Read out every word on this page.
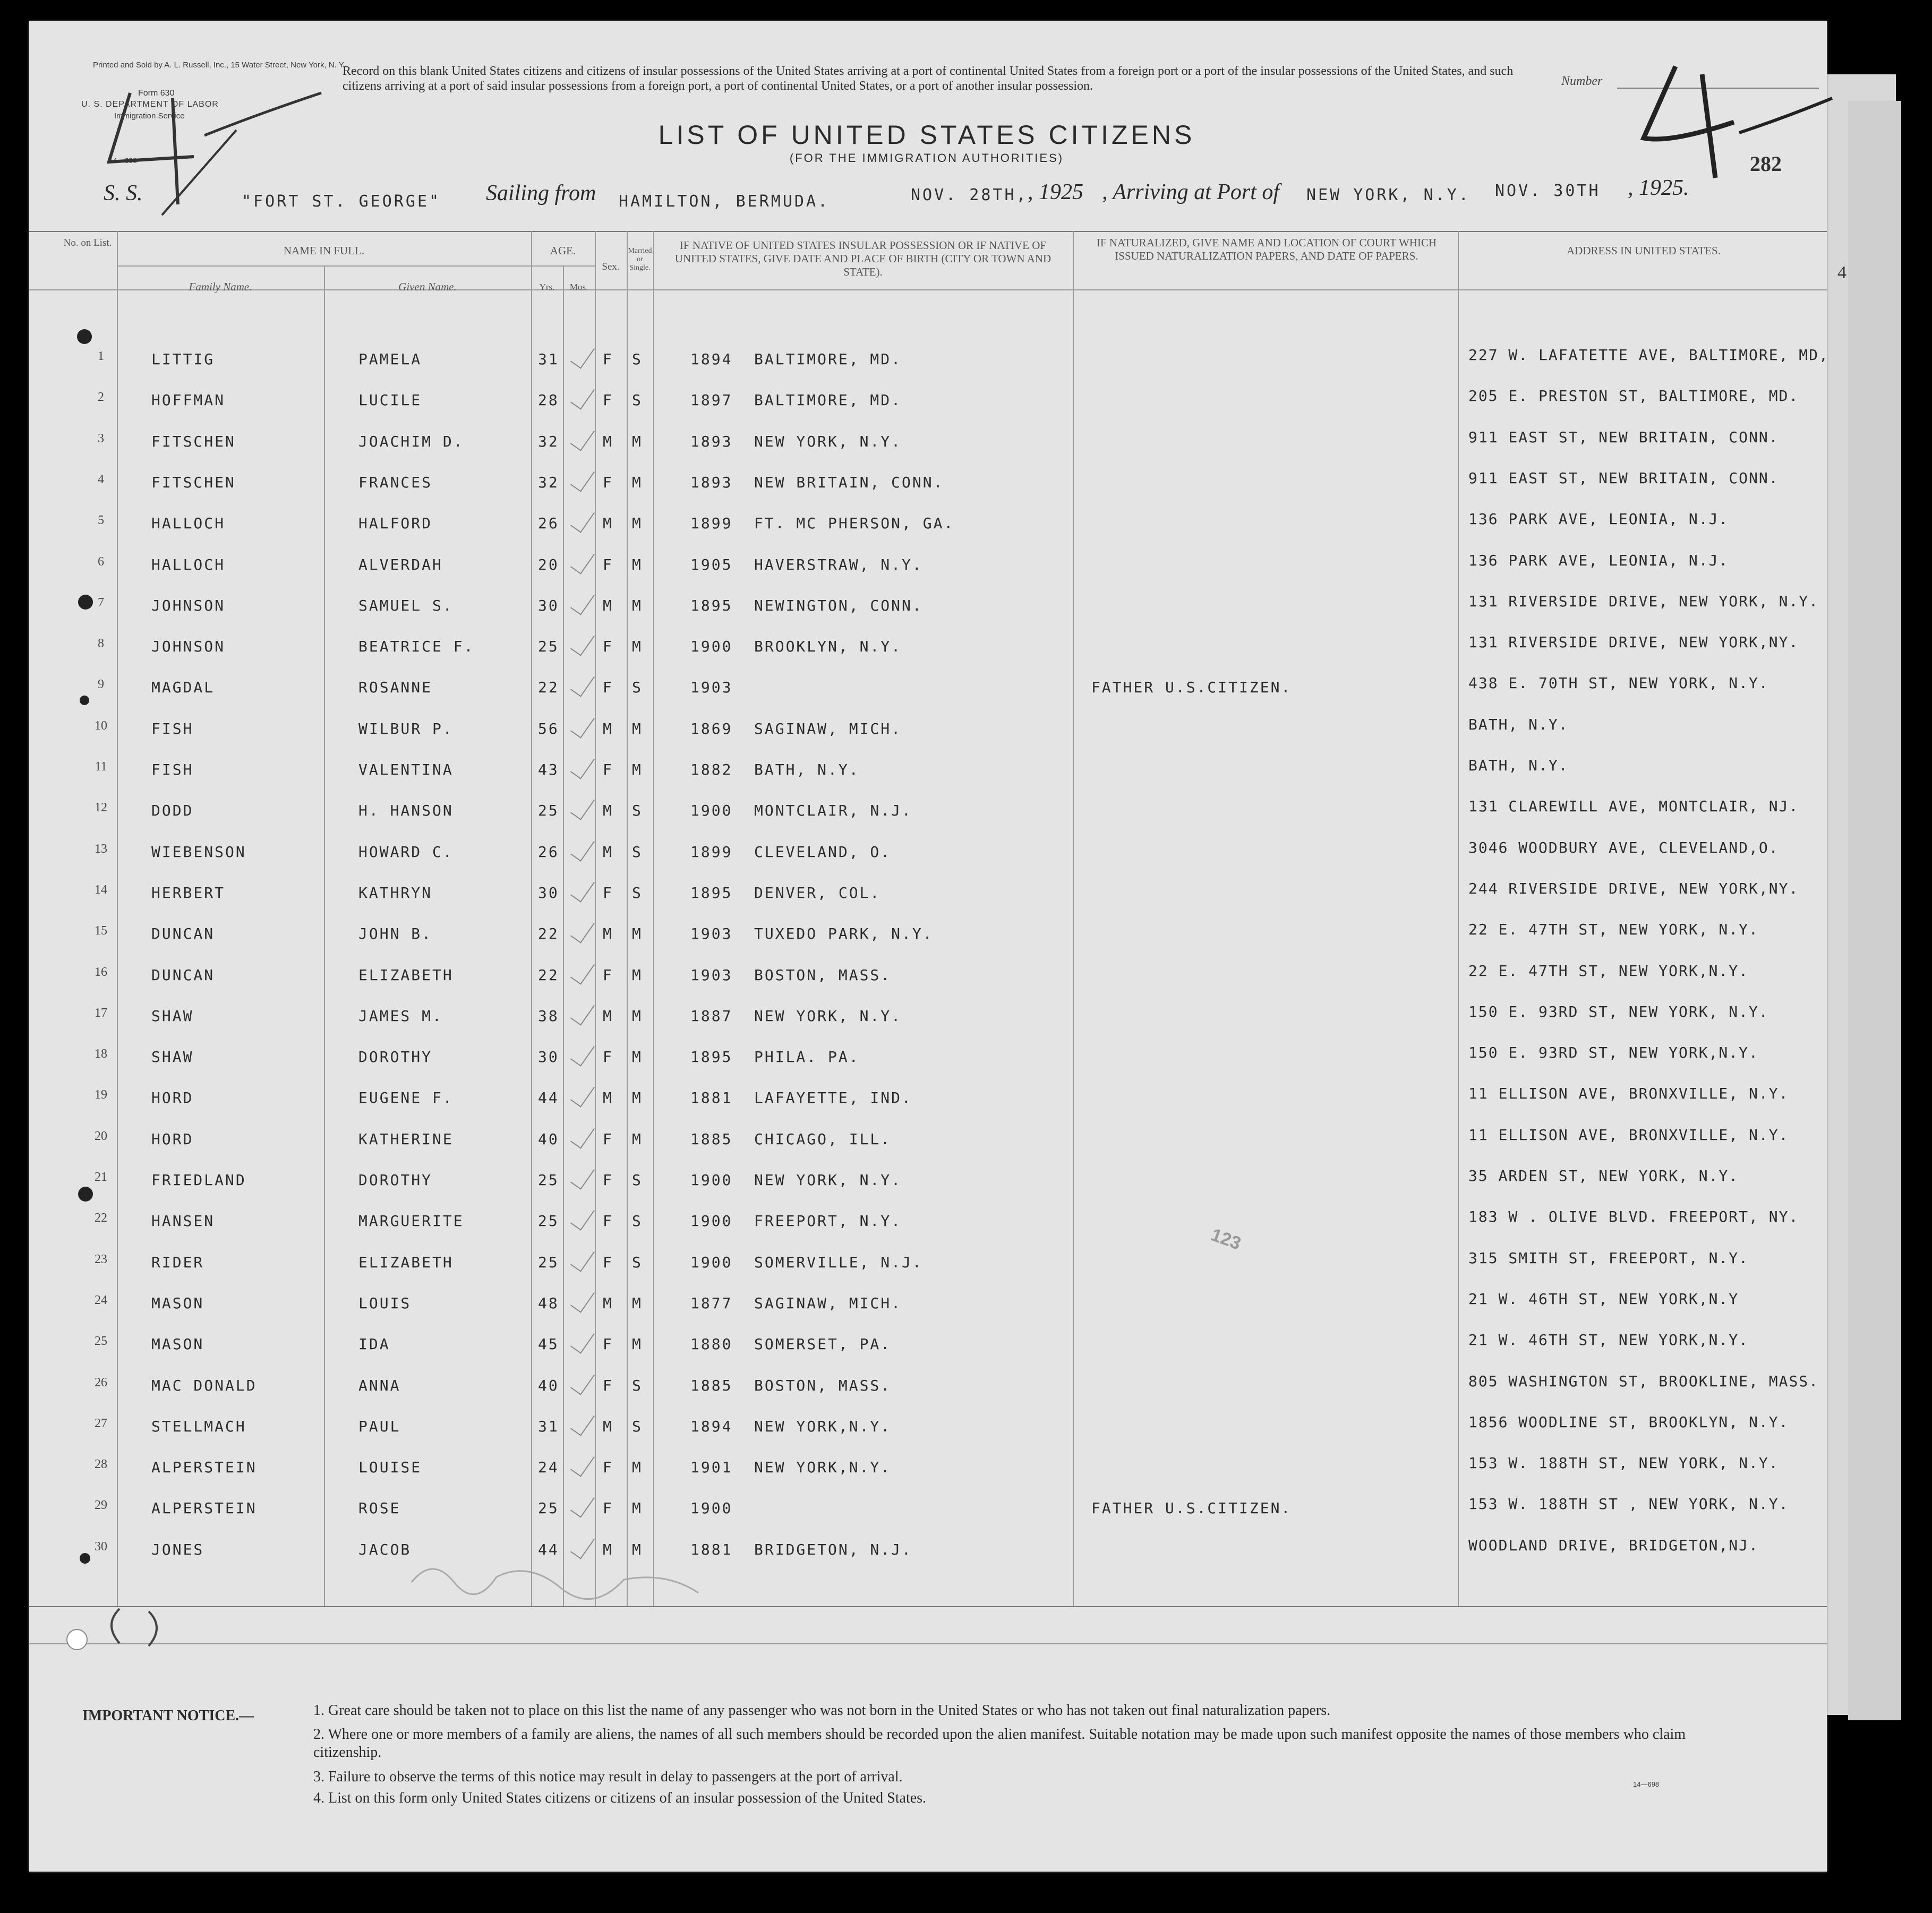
4
Printed and Sold by A. L. Russell, Inc., 15 Water Street, New York, N. Y.
Form 630
U. S. DEPARTMENT OF LABOR
Immigration Service
14—698
Record on this blank United States citizens and citizens of insular possessions of the United States arriving at a port of continental United States from a foreign port or a port of the insular possessions of the United States, and such citizens arriving at a port of said insular possessions from a foreign port, a port of continental United States, or a port of another insular possession.	Number
LIST OF UNITED STATES CITIZENS
(FOR THE IMMIGRATION AUTHORITIES)	282
S. S.	"FORT ST. GEORGE" Sailing from HAMILTON, BERMUDA.	NOV. 28TH, , 1925 , Arriving at Port of NEW YORK, N.Y. NOV. 30TH , 1925.
No. on List.
NAME IN FULL.
Family Name.	Given Name.
AGE.
Yrs.	Mos.
Sex.
Married or Single.
IF NATIVE OF UNITED STATES INSULAR POSSESSION OR IF NATIVE OF UNITED STATES, GIVE DATE AND PLACE OF BIRTH (CITY OR TOWN AND STATE).
IF NATURALIZED, GIVE NAME AND LOCATION OF COURT WHICH ISSUED NATURALIZATION PAPERS, AND DATE OF PAPERS.	ADDRESS IN UNITED STATES.
1	LITTIG	PAMELA	31	F S	1894 BALTIMORE, MD.	227 W. LAFATETTE AVE, BALTIMORE, MD,
2	HOFFMAN	LUCILE	28	F S	1897 BALTIMORE, MD.	205 E. PRESTON ST, BALTIMORE, MD.
3	FITSCHEN	JOACHIM D.	32	M M	1893 NEW YORK, N.Y.	911 EAST ST, NEW BRITAIN, CONN.
4	FITSCHEN	FRANCES	32	F M	1893 NEW BRITAIN, CONN.	911 EAST ST, NEW BRITAIN, CONN.
5	HALLOCH	HALFORD	26	M M	1899 FT. MC PHERSON, GA.	136 PARK AVE, LEONIA, N.J.
6	HALLOCH	ALVERDAH	20	F M	1905 HAVERSTRAW, N.Y.	136 PARK AVE, LEONIA, N.J.
7	JOHNSON	SAMUEL S.	30	M M	1895 NEWINGTON, CONN.	131 RIVERSIDE DRIVE, NEW YORK, N.Y.
8	JOHNSON	BEATRICE F.	25	F M	1900 BROOKLYN, N.Y.	131 RIVERSIDE DRIVE, NEW YORK,NY.
9	MAGDAL	ROSANNE	22	F S	1903	FATHER U.S.CITIZEN.	438 E. 70TH ST, NEW YORK, N.Y.
10	FISH	WILBUR P.	56	M M	1869 SAGINAW, MICH.	BATH, N.Y.
11	FISH	VALENTINA	43	F M	1882 BATH, N.Y.	BATH, N.Y.
12	DODD	H. HANSON	25	M S	1900 MONTCLAIR, N.J.	131 CLAREWILL AVE, MONTCLAIR, NJ.
13	WIEBENSON	HOWARD C.	26	M S	1899 CLEVELAND, O.	3046 WOODBURY AVE, CLEVELAND,O.
14	HERBERT	KATHRYN	30	F S	1895 DENVER, COL.	244 RIVERSIDE DRIVE, NEW YORK,NY.
15	DUNCAN	JOHN B.	22	M M	1903 TUXEDO PARK, N.Y.	22 E. 47TH ST, NEW YORK, N.Y.
16	DUNCAN	ELIZABETH	22	F M	1903 BOSTON, MASS.	22 E. 47TH ST, NEW YORK,N.Y.
17	SHAW	JAMES M.	38	M M	1887 NEW YORK, N.Y.	150 E. 93RD ST, NEW YORK, N.Y.
18	SHAW	DOROTHY	30	F M	1895 PHILA. PA.	150 E. 93RD ST, NEW YORK,N.Y.
19	HORD	EUGENE F.	44	M M	1881 LAFAYETTE, IND.	11 ELLISON AVE, BRONXVILLE, N.Y.
20	HORD	KATHERINE	40	F M	1885 CHICAGO, ILL.	11 ELLISON AVE, BRONXVILLE, N.Y.
21	FRIEDLAND	DOROTHY	25	F S	1900 NEW YORK, N.Y.	35 ARDEN ST, NEW YORK, N.Y.
22	HANSEN	MARGUERITE	25	F S	1900 FREEPORT, N.Y.	183 W . OLIVE BLVD. FREEPORT, NY.
23	RIDER	ELIZABETH	25	F S	1900 SOMERVILLE, N.J.	315 SMITH ST, FREEPORT, N.Y.
24	MASON	LOUIS	48	M M	1877 SAGINAW, MICH.	21 W. 46TH ST, NEW YORK,N.Y
25	MASON	IDA	45	F M	1880 SOMERSET, PA.	21 W. 46TH ST, NEW YORK,N.Y.
26	MAC DONALD	ANNA	40	F S	1885 BOSTON, MASS.	805 WASHINGTON ST, BROOKLINE, MASS.
27	STELLMACH	PAUL	31	M S	1894 NEW YORK,N.Y.	1856 WOODLINE ST, BROOKLYN, N.Y.
28	ALPERSTEIN	LOUISE	24	F M	1901 NEW YORK,N.Y.	153 W. 188TH ST, NEW YORK, N.Y.
29	ALPERSTEIN	ROSE	25	F M	1900	FATHER U.S.CITIZEN.	153 W. 188TH ST , NEW YORK, N.Y.
30	JONES	JACOB	44	M M	1881 BRIDGETON, N.J.	WOODLAND DRIVE, BRIDGETON,NJ.
123
IMPORTANT NOTICE.—	1. Great care should be taken not to place on this list the name of any passenger who was not born in the United States or who has not taken out final naturalization papers.
2. Where one or more members of a family are aliens, the names of all such members should be recorded upon the alien manifest. Suitable notation may be made upon such manifest opposite the names of those members who claim citizenship.
3. Failure to observe the terms of this notice may result in delay to passengers at the port of arrival.
4. List on this form only United States citizens or citizens of an insular possession of the United States.
14—698
